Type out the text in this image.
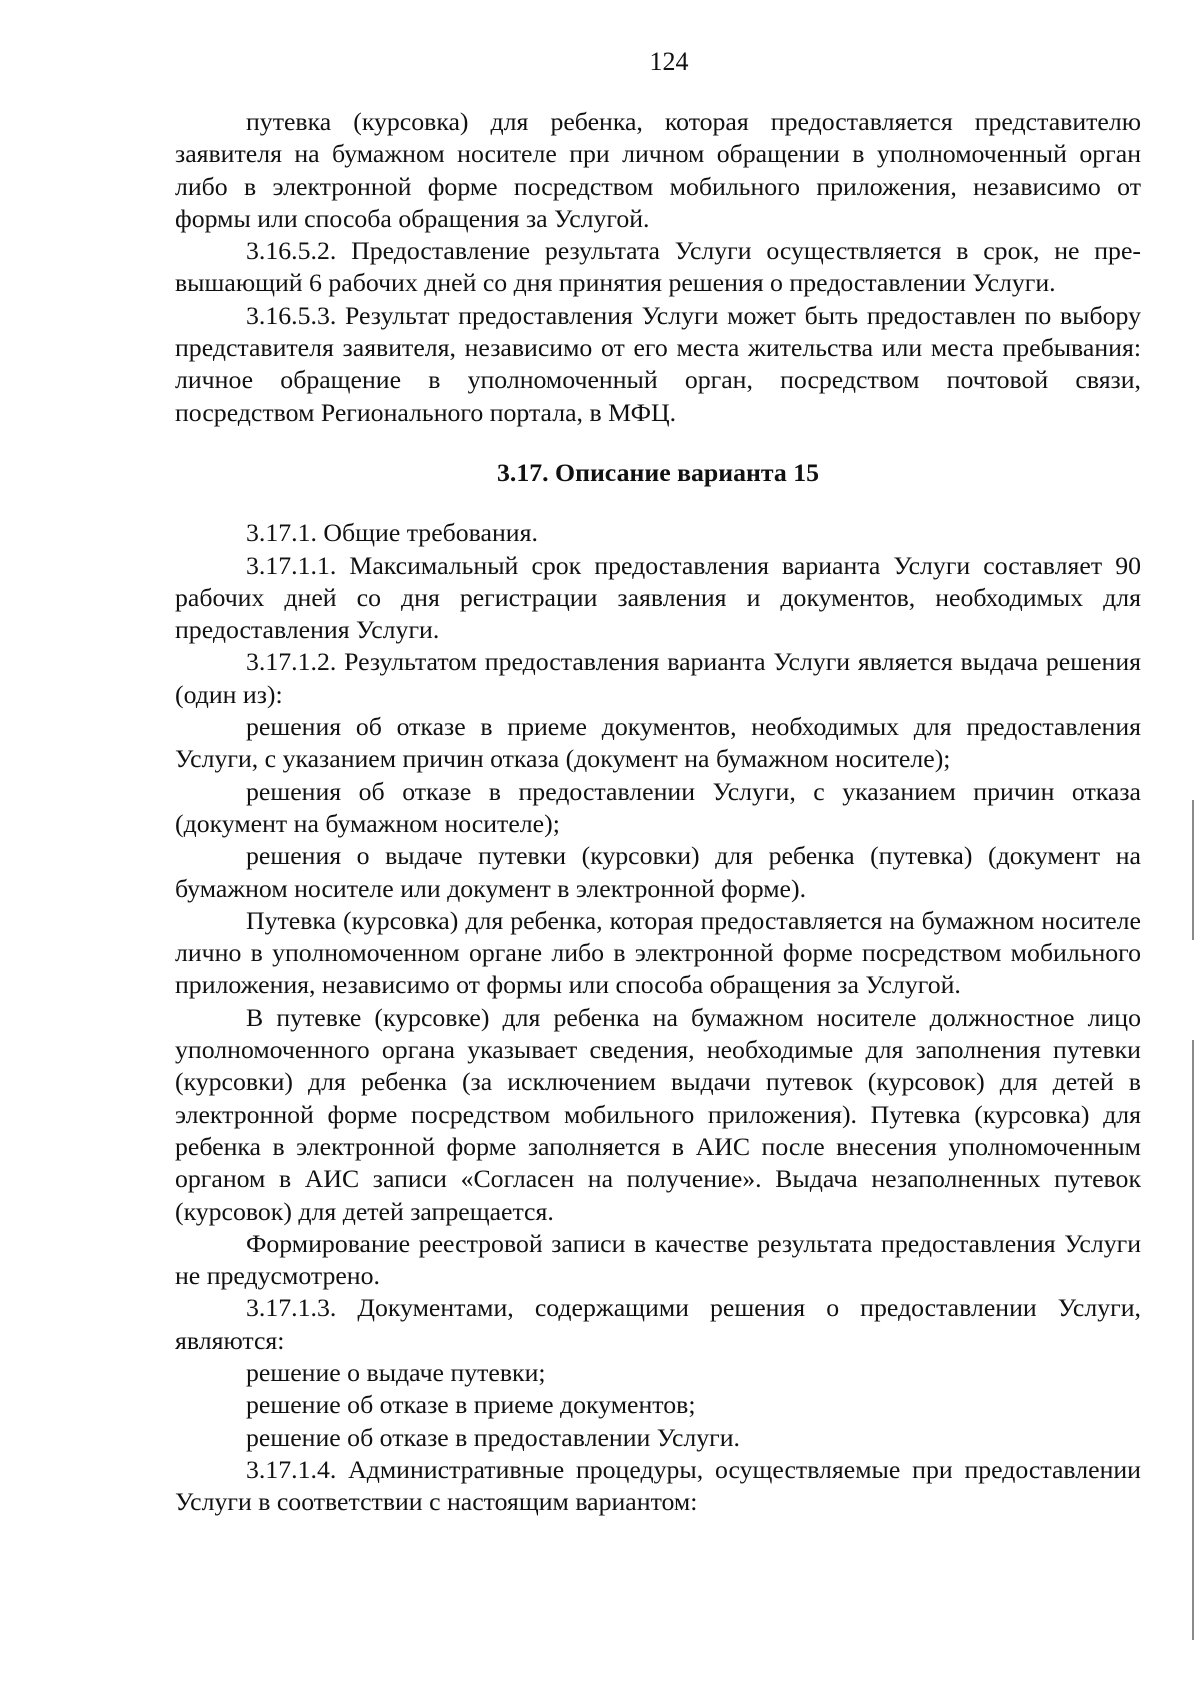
124

путевка (курсовка) для ребенка, которая предоставляется представителю заявителя на бумажном носителе при личном обращении в уполномоченный орган либо в электронной форме посредством мобильного приложения, независимо от формы или способа обращения за Услугой.

3.16.5.2. Предоставление результата Услуги осуществляется в срок, не превышающий 6 рабочих дней со дня принятия решения о предоставлении Услуги.

3.16.5.3. Результат предоставления Услуги может быть предоставлен по выбору представителя заявителя, независимо от его места жительства или места пребывания: личное обращение в уполномоченный орган, посредством почтовой связи, посредством Регионального портала, в МФЦ.

3.17. Описание варианта 15

3.17.1. Общие требования.

3.17.1.1. Максимальный срок предоставления варианта Услуги составляет 90 рабочих дней со дня регистрации заявления и документов, необходимых для предоставления Услуги.

3.17.1.2. Результатом предоставления варианта Услуги является выдача решения (один из):

решения об отказе в приеме документов, необходимых для предоставления Услуги, с указанием причин отказа (документ на бумажном носителе);

решения об отказе в предоставлении Услуги, с указанием причин отказа (документ на бумажном носителе);

решения о выдаче путевки (курсовки) для ребенка (путевка) (документ на бумажном носителе или документ в электронной форме).

Путевка (курсовка) для ребенка, которая предоставляется на бумажном носителе лично в уполномоченном органе либо в электронной форме посредством мобильного приложения, независимо от формы или способа обращения за Услугой.

В путевке (курсовке) для ребенка на бумажном носителе должностное лицо уполномоченного органа указывает сведения, необходимые для заполнения путевки (курсовки) для ребенка (за исключением выдачи путевок (курсовок) для детей в электронной форме посредством мобильного приложения). Путевка (курсовка) для ребенка в электронной форме заполняется в АИС после внесения уполномоченным органом в АИС записи «Согласен на получение». Выдача незаполненных путевок (курсовок) для детей запрещается.

Формирование реестровой записи в качестве результата предоставления Услуги не предусмотрено.

3.17.1.3. Документами, содержащими решения о предоставлении Услуги, являются:

решение о выдаче путевки;

решение об отказе в приеме документов;

решение об отказе в предоставлении Услуги.

3.17.1.4. Административные процедуры, осуществляемые при предоставлении Услуги в соответствии с настоящим вариантом:
